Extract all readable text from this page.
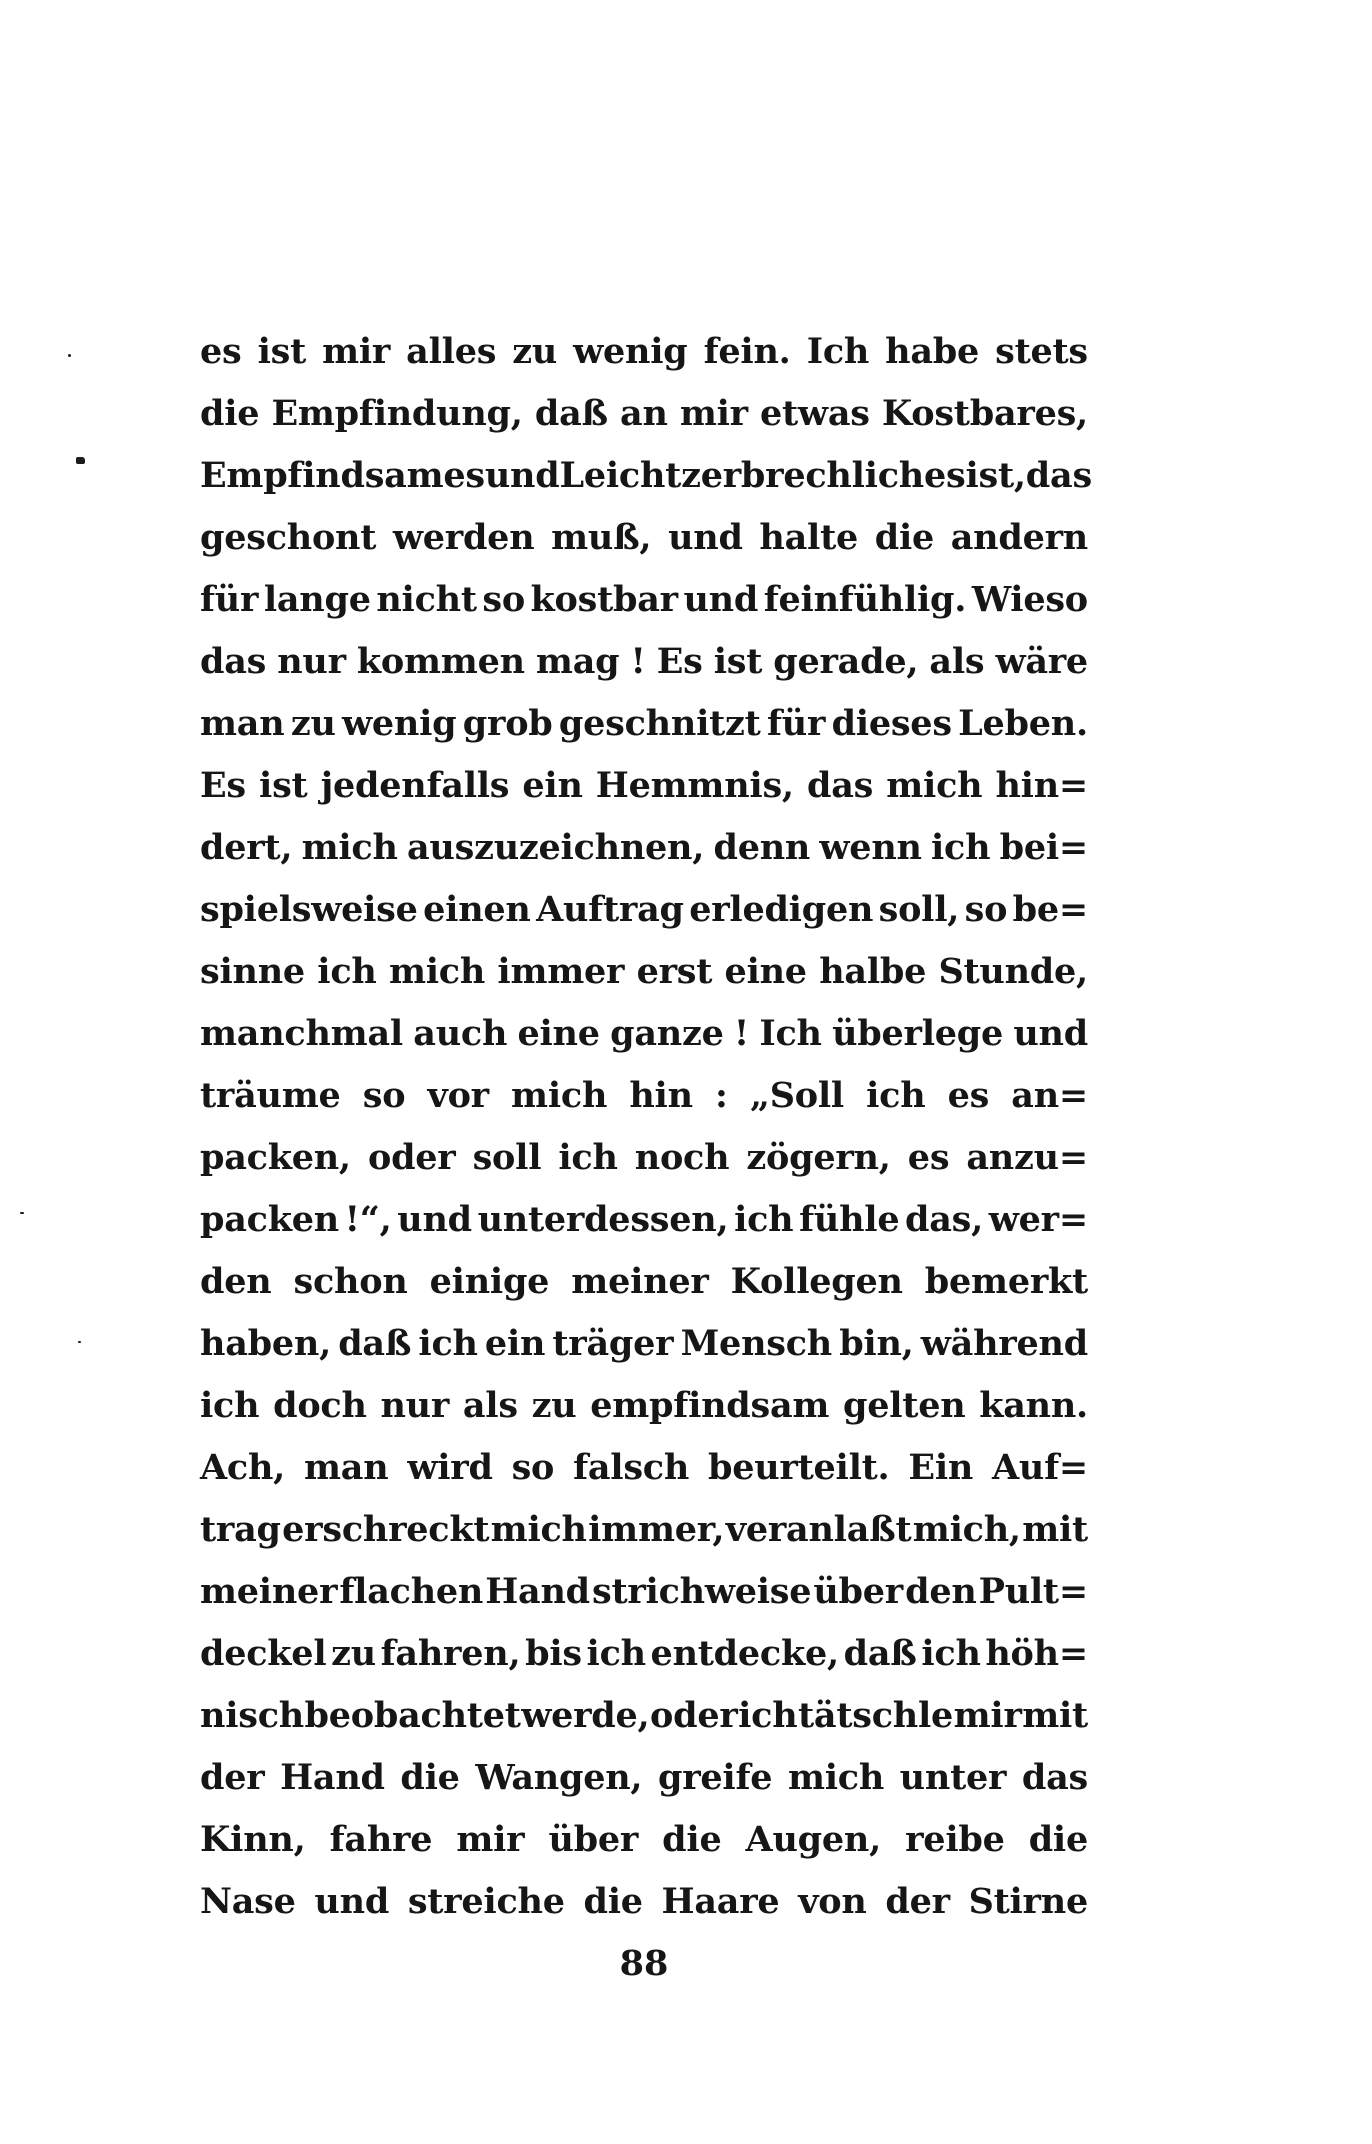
es ist mir alles zu wenig fein. Ich habe stets
die Empfindung, daß an mir etwas Kostbares,
Empfindsames und Leichtzerbrechliches ist, das
geschont werden muß, und halte die andern
für lange nicht so kostbar und feinfühlig. Wieso
das nur kommen mag ! Es ist gerade, als wäre
man zu wenig grob geschnitzt für dieses Leben.
Es ist jedenfalls ein Hemmnis, das mich hin=
dert, mich auszuzeichnen, denn wenn ich bei=
spielsweise einen Auftrag erledigen soll, so be=
sinne ich mich immer erst eine halbe Stunde,
manchmal auch eine ganze ! Ich überlege und
träume so vor mich hin : „Soll ich es an=
packen, oder soll ich noch zögern, es anzu=
packen !“, und unterdessen, ich fühle das, wer=
den schon einige meiner Kollegen bemerkt
haben, daß ich ein träger Mensch bin, während
ich doch nur als zu empfindsam gelten kann.
Ach, man wird so falsch beurteilt. Ein Auf=
trag erschreckt mich immer, veranlaßt mich, mit
meiner flachen Hand strichweise über den Pult=
deckel zu fahren, bis ich entdecke, daß ich höh=
nisch beobachtet werde, oder ich tätschle mir mit
der Hand die Wangen, greife mich unter das
Kinn, fahre mir über die Augen, reibe die
Nase und streiche die Haare von der Stirne
88
